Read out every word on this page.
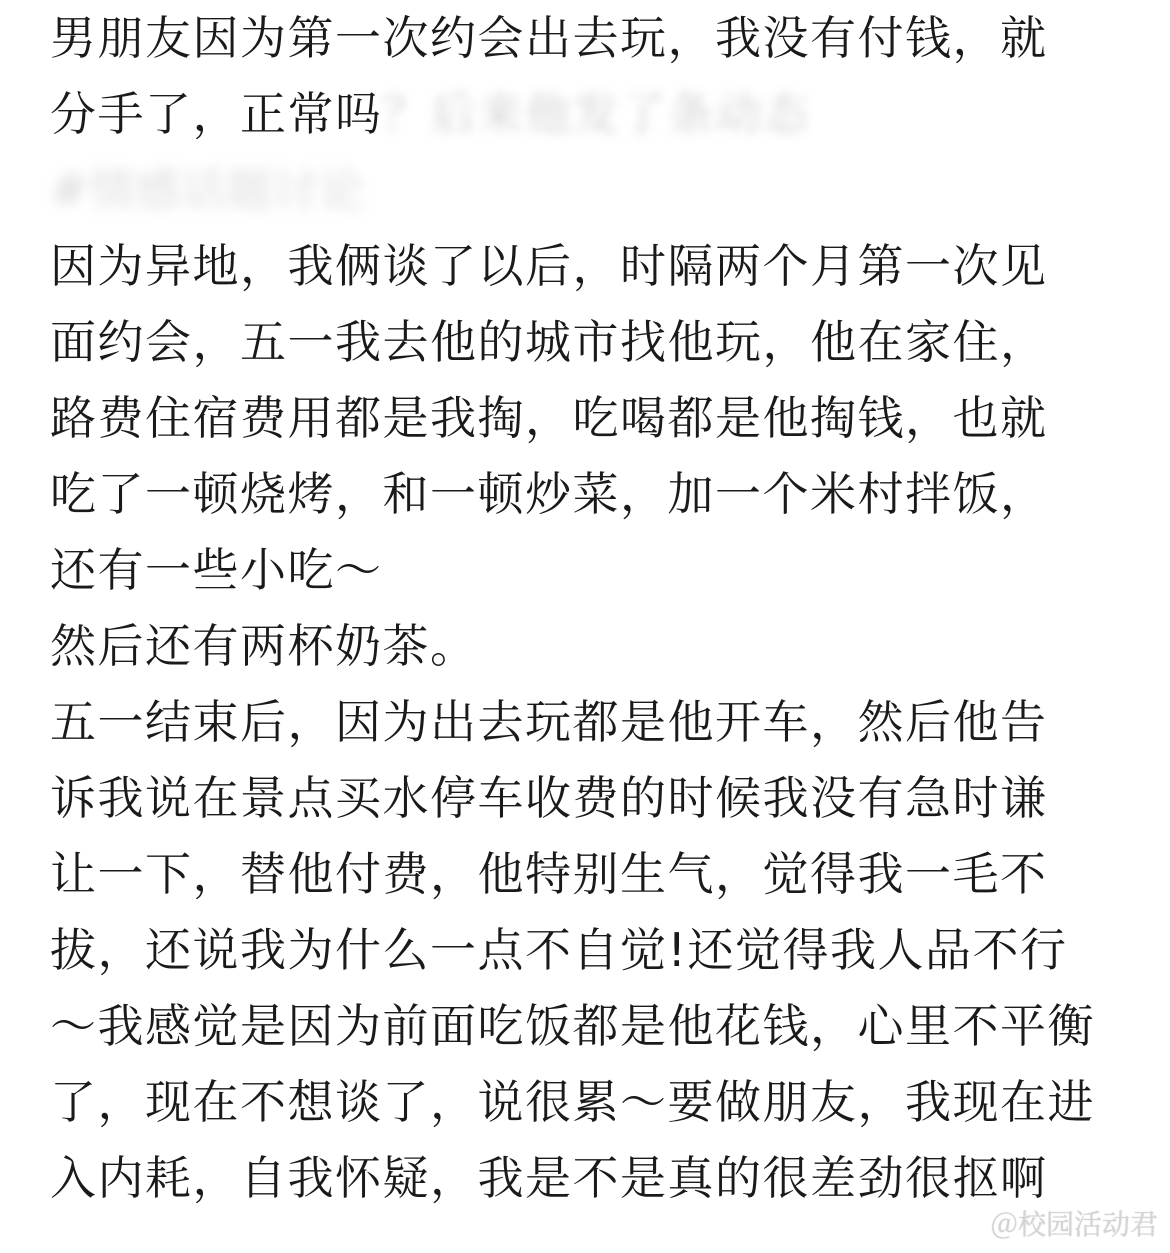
男朋友因为第一次约会出去玩，我没有付钱，就
分手了，正常吗？后来他发了条动态
#情感话题讨论
因为异地，我俩谈了以后，时隔两个月第一次见
面约会，五一我去他的城市找他玩，他在家住，
路费住宿费用都是我掏，吃喝都是他掏钱，也就
吃了一顿烧烤，和一顿炒菜，加一个米村拌饭，
还有一些小吃～
然后还有两杯奶茶。
五一结束后，因为出去玩都是他开车，然后他告
诉我说在景点买水停车收费的时候我没有急时谦
让一下，替他付费，他特别生气，觉得我一毛不
拔，还说我为什么一点不自觉!还觉得我人品不行
～我感觉是因为前面吃饭都是他花钱，心里不平衡
了，现在不想谈了，说很累～要做朋友，我现在进
入内耗，自我怀疑，我是不是真的很差劲很抠啊
＠校园活动君
